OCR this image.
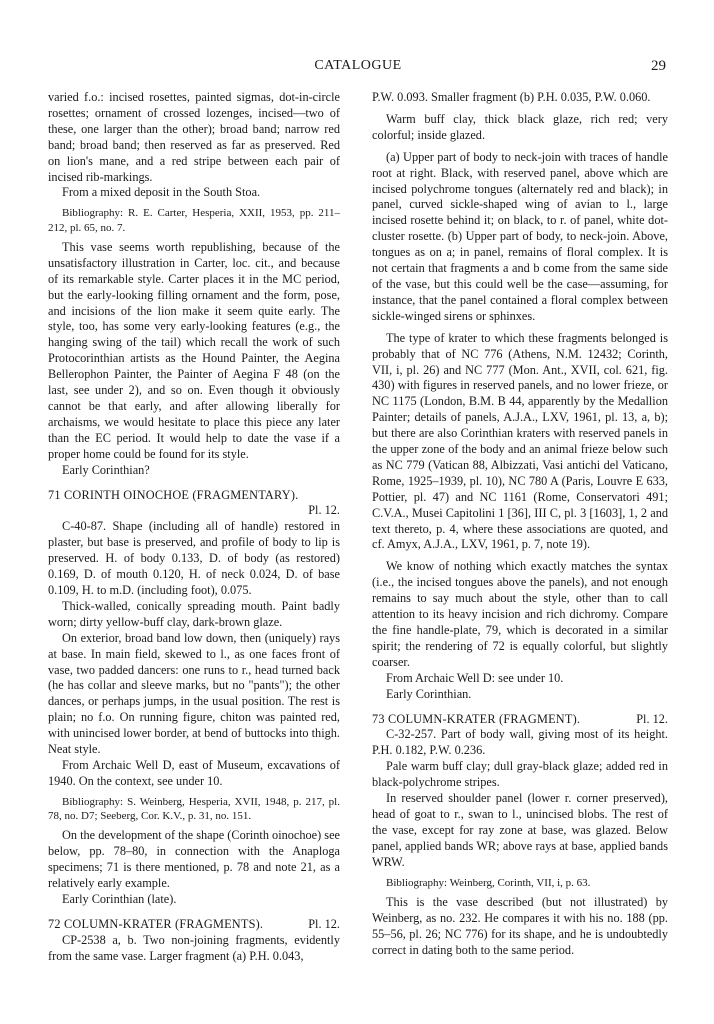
CATALOGUE	29

varied f.o.: incised rosettes, painted sigmas, dot-in-circle rosettes; ornament of crossed lozenges, incised—two of these, one larger than the other); broad band; narrow red band; broad band; then reserved as far as preserved. Red on lion's mane, and a red stripe between each pair of incised rib-markings.

From a mixed deposit in the South Stoa.

Bibliography: R. E. Carter, Hesperia, XXII, 1953, pp. 211–212, pl. 65, no. 7.

This vase seems worth republishing, because of the unsatisfactory illustration in Carter, loc. cit., and because of its remarkable style. Carter places it in the MC period, but the early-looking filling ornament and the form, pose, and incisions of the lion make it seem quite early. The style, too, has some very early-looking features (e.g., the hanging swing of the tail) which recall the work of such Protocorinthian artists as the Hound Painter, the Aegina Bellerophon Painter, the Painter of Aegina F 48 (on the last, see under 2), and so on. Even though it obviously cannot be that early, and after allowing liberally for archaisms, we would hesitate to place this piece any later than the EC period. It would help to date the vase if a proper home could be found for its style.

Early Corinthian?

71 CORINTH OINOCHOE (FRAGMENTARY).

Pl. 12.

C-40-87. Shape (including all of handle) restored in plaster, but base is preserved, and profile of body to lip is preserved. H. of body 0.133, D. of body (as restored) 0.169, D. of mouth 0.120, H. of neck 0.024, D. of base 0.109, H. to m.D. (including foot), 0.075.

Thick-walled, conically spreading mouth. Paint badly worn; dirty yellow-buff clay, dark-brown glaze.

On exterior, broad band low down, then (uniquely) rays at base. In main field, skewed to l., as one faces front of vase, two padded dancers: one runs to r., head turned back (he has collar and sleeve marks, but no "pants"); the other dances, or perhaps jumps, in the usual position. The rest is plain; no f.o. On running figure, chiton was painted red, with unincised lower border, at bend of buttocks into thigh. Neat style.

From Archaic Well D, east of Museum, excavations of 1940. On the context, see under 10.

Bibliography: S. Weinberg, Hesperia, XVII, 1948, p. 217, pl. 78, no. D7; Seeberg, Cor. K.V., p. 31, no. 151.

On the development of the shape (Corinth oinochoe) see below, pp. 78–80, in connection with the Anaploga specimens; 71 is there mentioned, p. 78 and note 21, as a relatively early example.

Early Corinthian (late).

72 COLUMN-KRATER (FRAGMENTS).	Pl. 12.

CP-2538 a, b. Two non-joining fragments, evidently from the same vase. Larger fragment (a) P.H. 0.043,

P.W. 0.093. Smaller fragment (b) P.H. 0.035, P.W. 0.060.

Warm buff clay, thick black glaze, rich red; very colorful; inside glazed.

(a) Upper part of body to neck-join with traces of handle root at right. Black, with reserved panel, above which are incised polychrome tongues (alternately red and black); in panel, curved sickle-shaped wing of avian to l., large incised rosette behind it; on black, to r. of panel, white dot-cluster rosette. (b) Upper part of body, to neck-join. Above, tongues as on a; in panel, remains of floral complex. It is not certain that fragments a and b come from the same side of the vase, but this could well be the case—assuming, for instance, that the panel contained a floral complex between sickle-winged sirens or sphinxes.

The type of krater to which these fragments belonged is probably that of NC 776 (Athens, N.M. 12432; Corinth, VII, i, pl. 26) and NC 777 (Mon. Ant., XVII, col. 621, fig. 430) with figures in reserved panels, and no lower frieze, or NC 1175 (London, B.M. B 44, apparently by the Medallion Painter; details of panels, A.J.A., LXV, 1961, pl. 13, a, b); but there are also Corinthian kraters with reserved panels in the upper zone of the body and an animal frieze below such as NC 779 (Vatican 88, Albizzati, Vasi antichi del Vaticano, Rome, 1925–1939, pl. 10), NC 780 A (Paris, Louvre E 633, Pottier, pl. 47) and NC 1161 (Rome, Conservatori 491; C.V.A., Musei Capitolini 1 [36], III C, pl. 3 [1603], 1, 2 and text thereto, p. 4, where these associations are quoted, and cf. Amyx, A.J.A., LXV, 1961, p. 7, note 19).

We know of nothing which exactly matches the syntax (i.e., the incised tongues above the panels), and not enough remains to say much about the style, other than to call attention to its heavy incision and rich dichromy. Compare the fine handle-plate, 79, which is decorated in a similar spirit; the rendering of 72 is equally colorful, but slightly coarser.

From Archaic Well D: see under 10.

Early Corinthian.

73 COLUMN-KRATER (FRAGMENT).	Pl. 12.

C-32-257. Part of body wall, giving most of its height. P.H. 0.182, P.W. 0.236.

Pale warm buff clay; dull gray-black glaze; added red in black-polychrome stripes.

In reserved shoulder panel (lower r. corner preserved), head of goat to r., swan to l., unincised blobs. The rest of the vase, except for ray zone at base, was glazed. Below panel, applied bands WR; above rays at base, applied bands WRW.

Bibliography: Weinberg, Corinth, VII, i, p. 63.

This is the vase described (but not illustrated) by Weinberg, as no. 232. He compares it with his no. 188 (pp. 55–56, pl. 26; NC 776) for its shape, and he is undoubtedly correct in dating both to the same period.
